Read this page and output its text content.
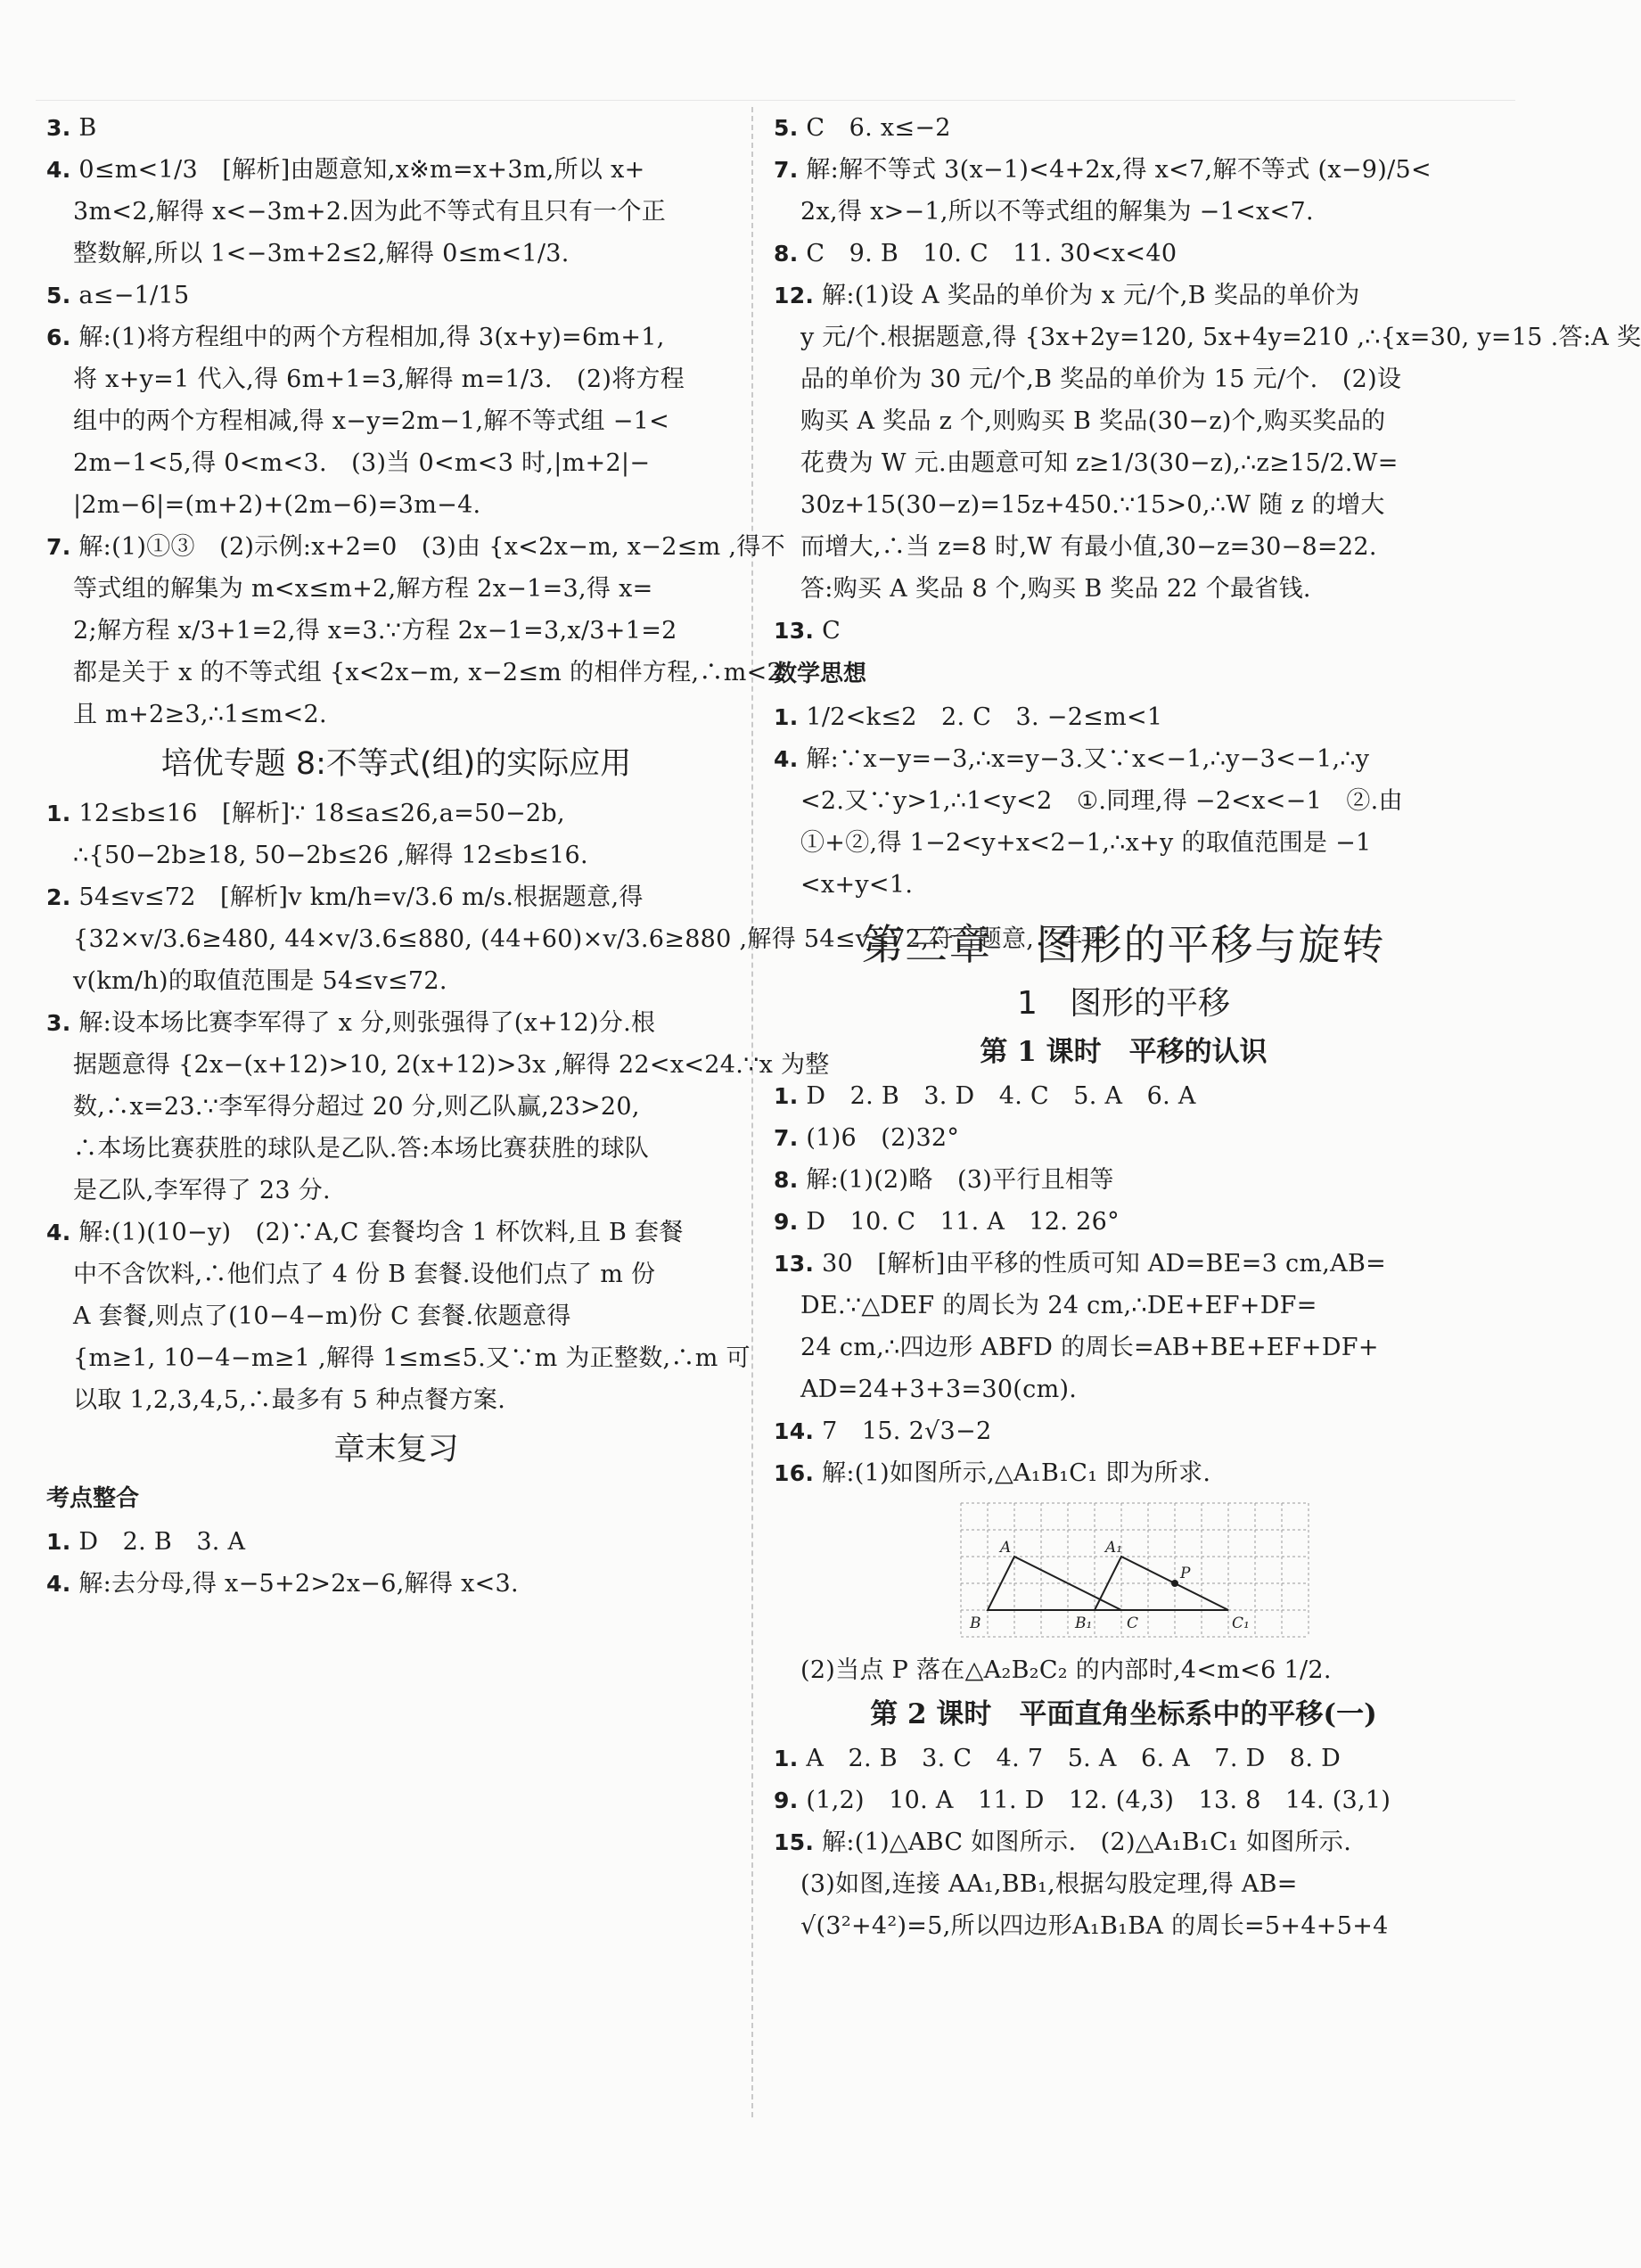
3. B
4. 0≤m<1/3　[解析]由题意知,x※m=x+3m,所以 x+
3m<2,解得 x<−3m+2.因为此不等式有且只有一个正
整数解,所以 1<−3m+2≤2,解得 0≤m<1/3.
5. a≤−1/15
6. 解:(1)将方程组中的两个方程相加,得 3(x+y)=6m+1,
将 x+y=1 代入,得 6m+1=3,解得 m=1/3.　(2)将方程
组中的两个方程相减,得 x−y=2m−1,解不等式组 −1<
2m−1<5,得 0<m<3.　(3)当 0<m<3 时,|m+2|−
|2m−6|=(m+2)+(2m−6)=3m−4.
7. 解:(1)①③　(2)示例:x+2=0　(3)由 {x<2x−m, x−2≤m ,得不
等式组的解集为 m<x≤m+2,解方程 2x−1=3,得 x=
2;解方程 x/3+1=2,得 x=3.∵方程 2x−1=3,x/3+1=2
都是关于 x 的不等式组 {x<2x−m, x−2≤m 的相伴方程,∴m<2
且 m+2≥3,∴1≤m<2.
培优专题 8:不等式(组)的实际应用
1. 12≤b≤16　[解析]∵ 18≤a≤26,a=50−2b,
∴{50−2b≥18, 50−2b≤26 ,解得 12≤b≤16.
2. 54≤v≤72　[解析]v km/h=v/3.6 m/s.根据题意,得
{32×v/3.6≥480, 44×v/3.6≤880, (44+60)×v/3.6≥880 ,解得 54≤v≤72,符合题意,∴车速
v(km/h)的取值范围是 54≤v≤72.
3. 解:设本场比赛李军得了 x 分,则张强得了(x+12)分.根
据题意得 {2x−(x+12)>10, 2(x+12)>3x ,解得 22<x<24.∵x 为整
数,∴x=23.∵李军得分超过 20 分,则乙队赢,23>20,
∴本场比赛获胜的球队是乙队.答:本场比赛获胜的球队
是乙队,李军得了 23 分.
4. 解:(1)(10−y)　(2)∵A,C 套餐均含 1 杯饮料,且 B 套餐
中不含饮料,∴他们点了 4 份 B 套餐.设他们点了 m 份
A 套餐,则点了(10−4−m)份 C 套餐.依题意得
{m≥1, 10−4−m≥1 ,解得 1≤m≤5.又∵m 为正整数,∴m 可
以取 1,2,3,4,5,∴最多有 5 种点餐方案.
章末复习
考点整合
1. D　2. B　3. A
4. 解:去分母,得 x−5+2>2x−6,解得 x<3.
5. C　6. x≤−2
7. 解:解不等式 3(x−1)<4+2x,得 x<7,解不等式 (x−9)/5<
2x,得 x>−1,所以不等式组的解集为 −1<x<7.
8. C　9. B　10. C　11. 30<x<40
12. 解:(1)设 A 奖品的单价为 x 元/个,B 奖品的单价为
y 元/个.根据题意,得 {3x+2y=120, 5x+4y=210 ,∴{x=30, y=15 .答:A 奖
品的单价为 30 元/个,B 奖品的单价为 15 元/个.　(2)设
购买 A 奖品 z 个,则购买 B 奖品(30−z)个,购买奖品的
花费为 W 元.由题意可知 z≥1/3(30−z),∴z≥15/2.W=
30z+15(30−z)=15z+450.∵15>0,∴W 随 z 的增大
而增大,∴当 z=8 时,W 有最小值,30−z=30−8=22.
答:购买 A 奖品 8 个,购买 B 奖品 22 个最省钱.
13. C
数学思想
1. 1/2<k≤2　2. C　3. −2≤m<1
4. 解:∵x−y=−3,∴x=y−3.又∵x<−1,∴y−3<−1,∴y
<2.又∵y>1,∴1<y<2　①.同理,得 −2<x<−1　②.由
①+②,得 1−2<y+x<2−1,∴x+y 的取值范围是 −1
<x+y<1.
第三章　图形的平移与旋转
1　图形的平移
第 1 课时　平移的认识
1. D　2. B　3. D　4. C　5. A　6. A
7. (1)6　(2)32°
8. 解:(1)(2)略　(3)平行且相等
9. D　10. C　11. A　12. 26°
13. 30　[解析]由平移的性质可知 AD=BE=3 cm,AB=
DE.∵△DEF 的周长为 24 cm,∴DE+EF+DF=
24 cm,∴四边形 ABFD 的周长=AB+BE+EF+DF+
AD=24+3+3=30(cm).
14. 7　15. 2√3−2
16. 解:(1)如图所示,△A₁B₁C₁ 即为所求.
A	A₁
P
B	B₁ C	C₁
(2)当点 P 落在△A₂B₂C₂ 的内部时,4<m<6 1/2.
第 2 课时　平面直角坐标系中的平移(一)
1. A　2. B　3. C　4. 7　5. A　6. A　7. D　8. D
9. (1,2)　10. A　11. D　12. (4,3)　13. 8　14. (3,1)
15. 解:(1)△ABC 如图所示.　(2)△A₁B₁C₁ 如图所示.
(3)如图,连接 AA₁,BB₁,根据勾股定理,得 AB=
√(3²+4²)=5,所以四边形A₁B₁BA 的周长=5+4+5+4
